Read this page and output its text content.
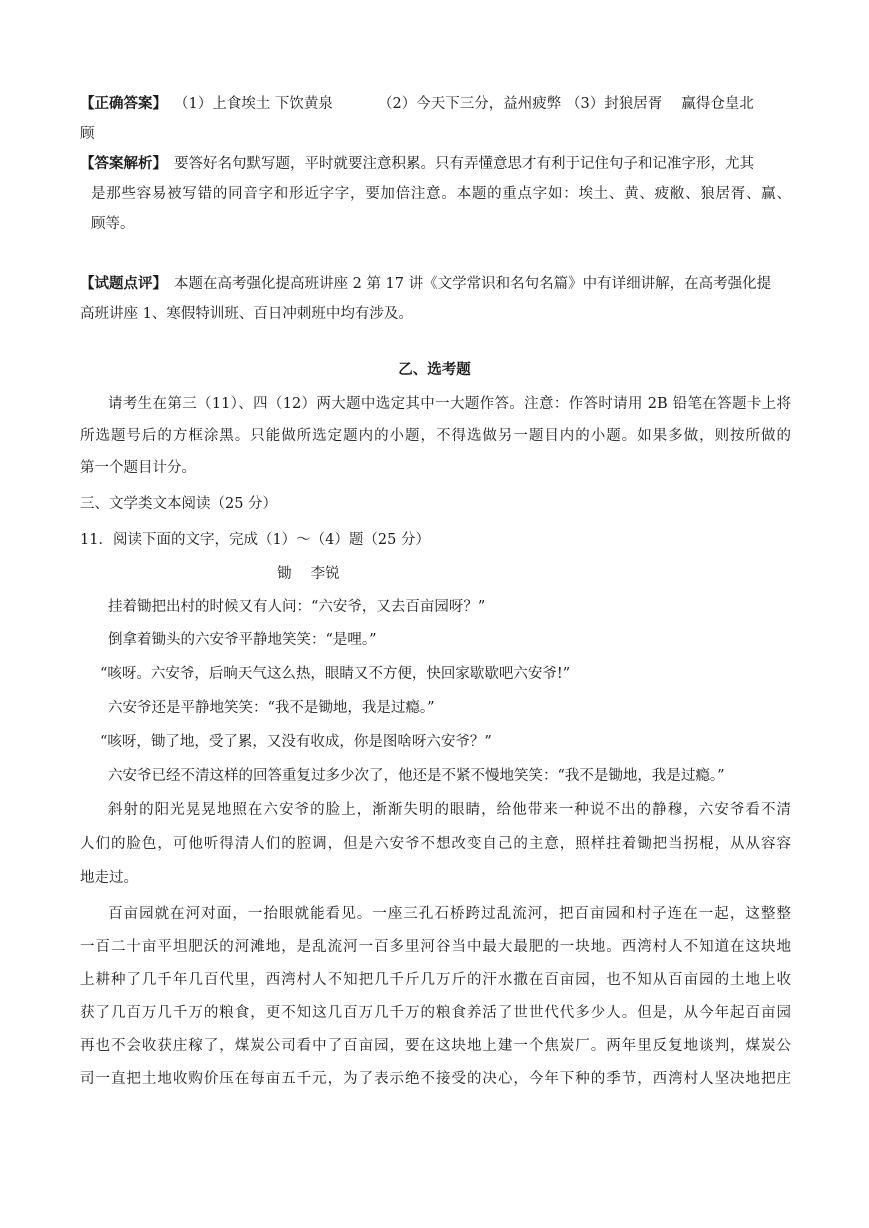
【正确答案】 （1）上食埃土 下饮黄泉	（2）今天下三分，益州疲弊 （3）封狼居胥　 赢得仓皇北
顾
【答案解析】 要答好名句默写题，平时就要注意积累。只有弄懂意思才有利于记住句子和记准字形，尤其
是那些容易被写错的同音字和形近字字，要加倍注意。本题的重点字如：埃土、黄、疲敝、狼居胥、赢、
顾等。
【试题点评】 本题在高考强化提高班讲座 2 第 17 讲《文学常识和名句名篇》中有详细讲解，在高考强化提
高班讲座 1、寒假特训班、百日冲刺班中均有涉及。
乙、选考题
请考生在第三（11）、四（12）两大题中选定其中一大题作答。注意：作答时请用 2B 铅笔在答题卡上将
所选题号后的方框涂黑。只能做所选定题内的小题，不得选做另一题目内的小题。如果多做，则按所做的
第一个题目计分。
三、文学类文本阅读（25 分）
11．阅读下面的文字，完成（1）～（4）题（25 分）
锄　 李锐
挂着锄把出村的时候又有人问：“六安爷，又去百亩园呀？”
倒拿着锄头的六安爷平静地笑笑：“是哩。”
“咳呀。六安爷，后晌天气这么热，眼睛又不方便，快回家歇歇吧六安爷!”
六安爷还是平静地笑笑：“我不是锄地，我是过瘾。”
“咳呀，锄了地，受了累，又没有收成，你是图啥呀六安爷？”
六安爷已经不清这样的回答重复过多少次了，他还是不紧不慢地笑笑：“我不是锄地，我是过瘾。”
斜射的阳光晃晃地照在六安爷的脸上，渐渐失明的眼睛，给他带来一种说不出的静穆，六安爷看不清
人们的脸色，可他听得清人们的腔调，但是六安爷不想改变自己的主意，照样拄着锄把当拐棍，从从容容
地走过。
百亩园就在河对面，一抬眼就能看见。一座三孔石桥跨过乱流河，把百亩园和村子连在一起，这整整
一百二十亩平坦肥沃的河滩地，是乱流河一百多里河谷当中最大最肥的一块地。西湾村人不知道在这块地
上耕种了几千年几百代里，西湾村人不知把几千斤几万斤的汗水撒在百亩园，也不知从百亩园的土地上收
获了几百万几千万的粮食，更不知这几百万几千万的粮食养活了世世代代多少人。但是，从今年起百亩园
再也不会收获庄稼了，煤炭公司看中了百亩园，要在这块地上建一个焦炭厂。两年里反复地谈判，煤炭公
司一直把土地收购价压在每亩五千元，为了表示绝不接受的决心，今年下种的季节，西湾村人坚决地把庄
